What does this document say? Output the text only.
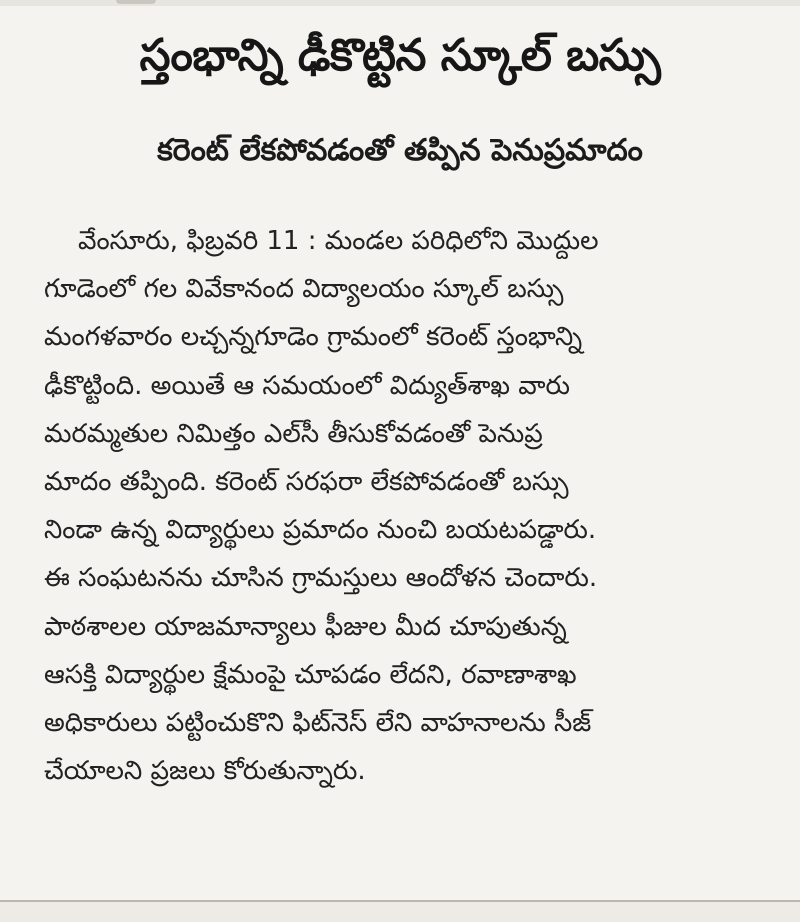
స్తంభాన్ని ఢీకొట్టిన స్కూల్ బస్సు
కరెంట్ లేకపోవడంతో తప్పిన పెనుప్రమాదం
వేంసూరు, ఫిబ్రవరి 11 : మండల పరిధిలోని మొద్దుల
గూడెంలో గల వివేకానంద విద్యాలయం స్కూల్ బస్సు
మంగళవారం లచ్చన్నగూడెం గ్రామంలో కరెంట్ స్తంభాన్ని
ఢీకొట్టింది. అయితే ఆ సమయంలో విద్యుత్‌శాఖ వారు
మరమ్మతుల నిమిత్తం ఎల్‌సీ తీసుకోవడంతో పెనుప్ర
మాదం తప్పింది. కరెంట్ సరఫరా లేకపోవడంతో బస్సు
నిండా ఉన్న విద్యార్థులు ప్రమాదం నుంచి బయటపడ్డారు.
ఈ సంఘటనను చూసిన గ్రామస్తులు ఆందోళన చెందారు.
పాఠశాలల యాజమాన్యాలు ఫీజుల మీద చూపుతున్న
ఆసక్తి విద్యార్థుల క్షేమంపై చూపడం లేదని, రవాణాశాఖ
అధికారులు పట్టించుకొని ఫిట్‌నెస్ లేని వాహనాలను సీజ్
చేయాలని ప్రజలు కోరుతున్నారు.
